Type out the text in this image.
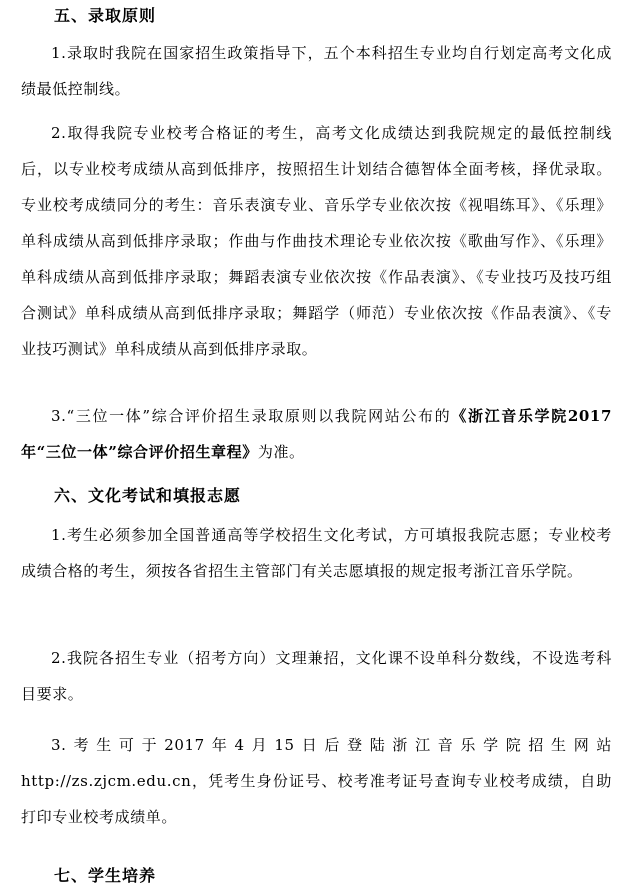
五、录取原则
1.录取时我院在国家招生政策指导下，五个本科招生专业均自行划定高考文化成绩最低控制线。
2.取得我院专业校考合格证的考生，高考文化成绩达到我院规定的最低控制线后，以专业校考成绩从高到低排序，按照招生计划结合德智体全面考核，择优录取。专业校考成绩同分的考生：音乐表演专业、音乐学专业依次按《视唱练耳》、《乐理》单科成绩从高到低排序录取；作曲与作曲技术理论专业依次按《歌曲写作》、《乐理》单科成绩从高到低排序录取；舞蹈表演专业依次按《作品表演》、《专业技巧及技巧组合测试》单科成绩从高到低排序录取；舞蹈学（师范）专业依次按《作品表演》、《专业技巧测试》单科成绩从高到低排序录取。
3.“三位一体”综合评价招生录取原则以我院网站公布的《浙江音乐学院2017年“三位一体”综合评价招生章程》为准。
六、文化考试和填报志愿
1.考生必须参加全国普通高等学校招生文化考试，方可填报我院志愿；专业校考成绩合格的考生，须按各省招生主管部门有关志愿填报的规定报考浙江音乐学院。
2.我院各招生专业（招考方向）文理兼招，文化课不设单科分数线，不设选考科目要求。
3.考生可于2017年4月15日后登陆浙江音乐学院招生网站http://zs.zjcm.edu.cn，凭考生身份证号、校考准考证号查询专业校考成绩，自助打印专业校考成绩单。
七、学生培养
